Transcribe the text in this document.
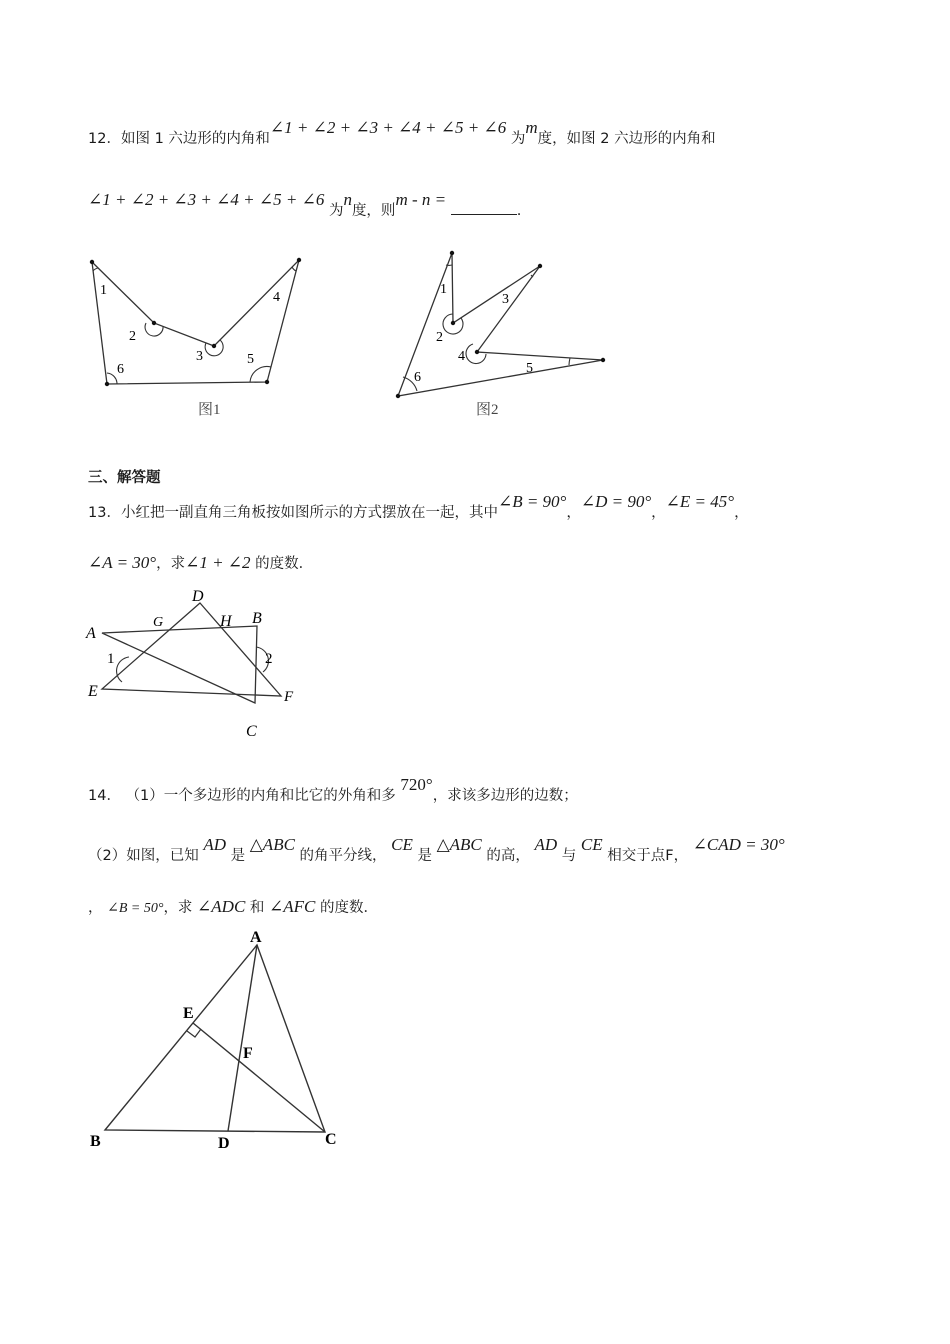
12．如图 1 六边形的内角和∠1 + ∠2 + ∠3 + ∠4 + ∠5 + ∠6 为m度，如图 2 六边形的内角和
∠1 + ∠2 + ∠3 + ∠4 + ∠5 + ∠6 为n度，则m - n = .
1
2
3
4
5
6
图1
1
2
3
4
5
6
图2
三、解答题
13．小红把一副直角三角板按如图所示的方式摆放在一起，其中∠B = 90°，∠D = 90°，∠E = 45°，
∠A = 30°，求∠1 + ∠2 的度数．
A
B
C
D
E	F
G	H
1	2
14． （1）一个多边形的内角和比它的外角和多 720°，求该多边形的边数；
（2）如图，已知 AD 是 △ABC 的角平分线， CE 是 △ABC 的高， AD 与 CE 相交于点F， ∠CAD = 30°
， ∠B = 50°，求 ∠ADC 和 ∠AFC 的度数．
A
B	C
D
E
F
